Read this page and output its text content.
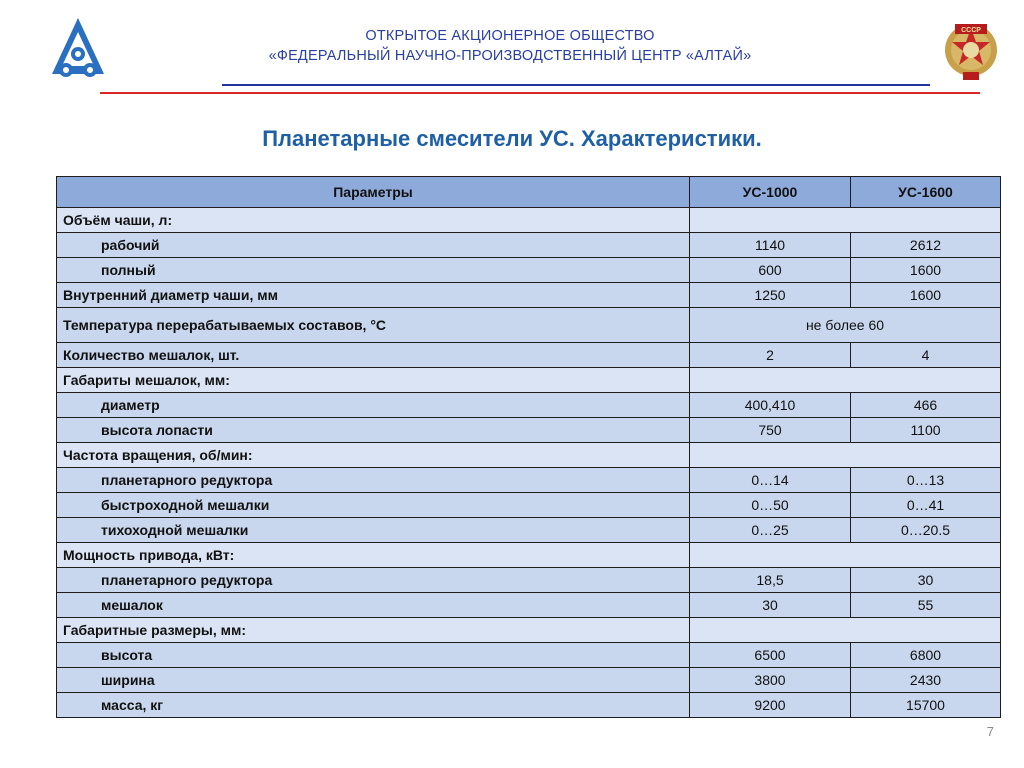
ОТКРЫТОЕ АКЦИОНЕРНОЕ ОБЩЕСТВО
«ФЕДЕРАЛЬНЫЙ НАУЧНО-ПРОИЗВОДСТВЕННЫЙ ЦЕНТР «АЛТАЙ»
СССР
Планетарные смесители УС. Характеристики.
Параметры	УС-1000	УС-1600
Объём чаши, л:		
рабочий	1140	2612
полный	600	1600
Внутренний диаметр чаши, мм	1250	1600
Температура перерабатываемых составов, °С	не более 60	
Количество мешалок, шт.	2	4
Габариты мешалок, мм:		
диаметр	400,410	466
высота лопасти	750	1100
Частота вращения, об/мин:		
планетарного редуктора	0…14	0…13
быстроходной мешалки	0…50	0…41
тихоходной мешалки	0…25	0…20.5
Мощность привода, кВт:		
планетарного редуктора	18,5	30
мешалок	30	55
Габаритные размеры, мм:		
высота	6500	6800
ширина	3800	2430
масса, кг	9200	15700
7
